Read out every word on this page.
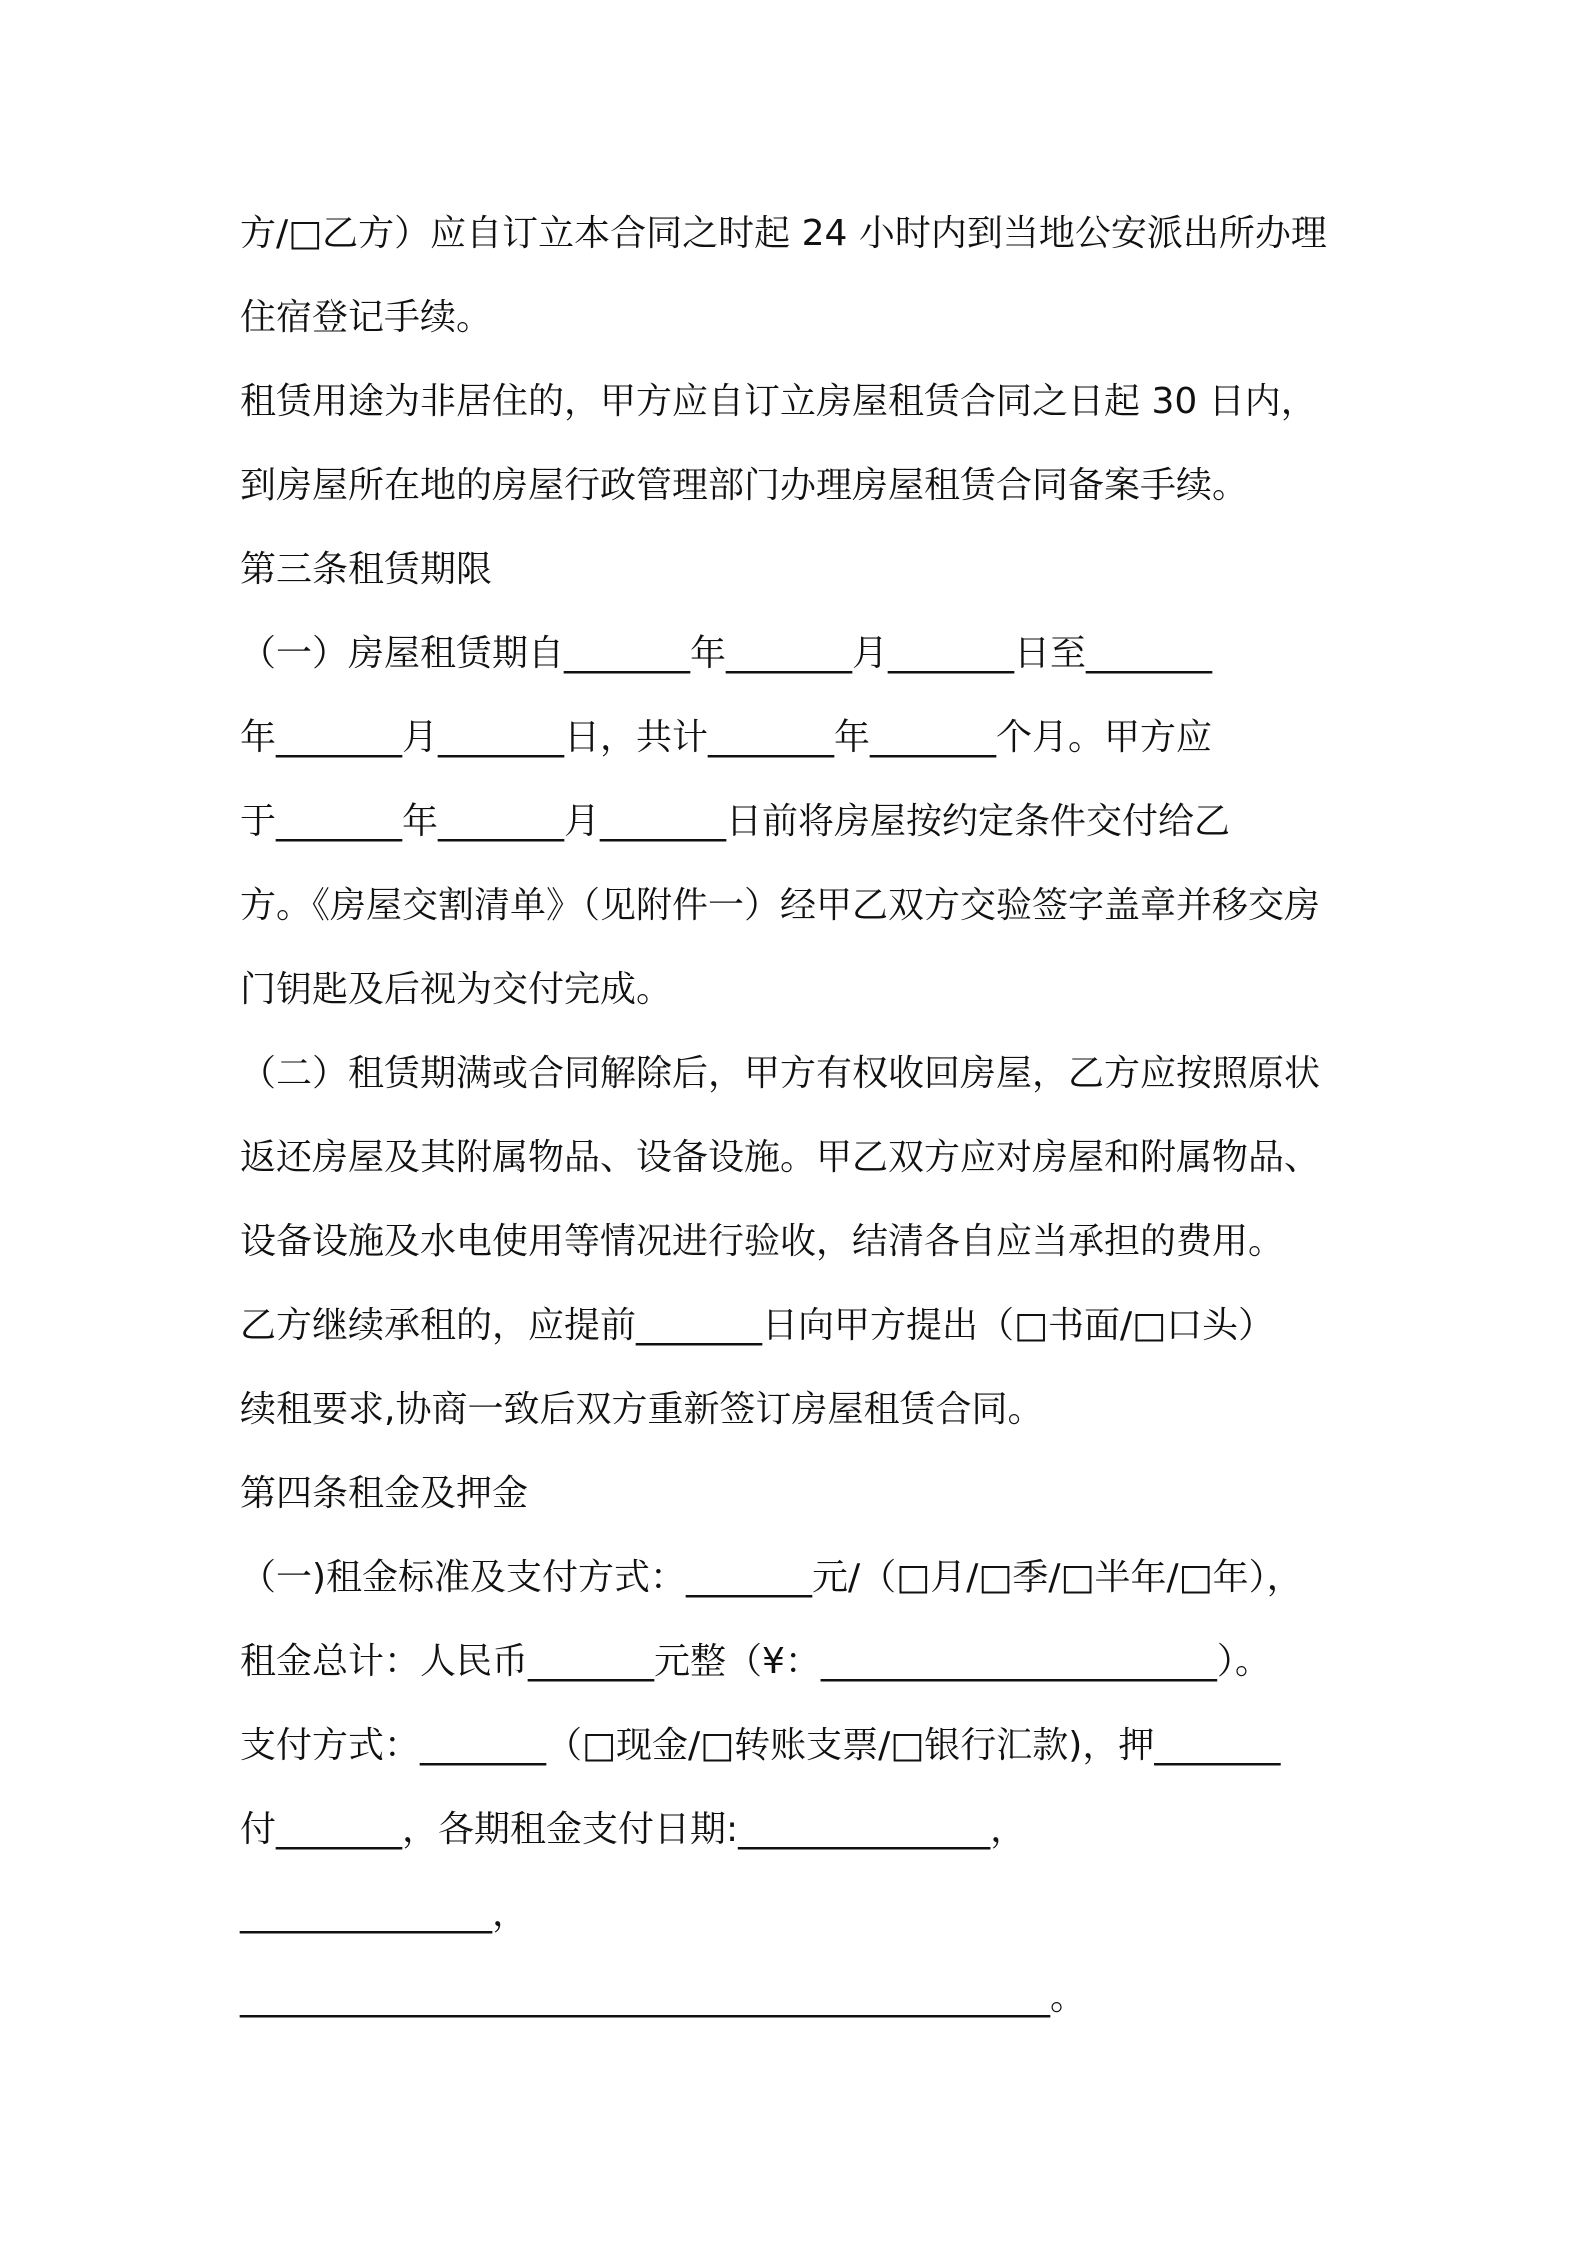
方/□乙方）应自订立本合同之时起 24 小时内到当地公安派出所办理
住宿登记手续。
租赁用途为非居住的，甲方应自订立房屋租赁合同之日起 30 日内，
到房屋所在地的房屋行政管理部门办理房屋租赁合同备案手续。
第三条租赁期限
（一）房屋租赁期自_______年_______月_______日至_______
年_______月_______日，共计_______年_______个月。甲方应
于_______年_______月_______日前将房屋按约定条件交付给乙
方。《房屋交割清单》（见附件一）经甲乙双方交验签字盖章并移交房
门钥匙及后视为交付完成。
（二）租赁期满或合同解除后，甲方有权收回房屋，乙方应按照原状
返还房屋及其附属物品、设备设施。甲乙双方应对房屋和附属物品、
设备设施及水电使用等情况进行验收，结清各自应当承担的费用。
乙方继续承租的，应提前_______日向甲方提出（□书面/□口头）
续租要求,协商一致后双方重新签订房屋租赁合同。
第四条租金及押金
（一)租金标准及支付方式：_______元/（□月/□季/□半年/□年），
租金总计：人民币_______元整（¥：______________________）。
支付方式：_______（□现金/□转账支票/□银行汇款)，押_______
付_______，各期租金支付日期:______________，
______________，
_____________________________________________。
